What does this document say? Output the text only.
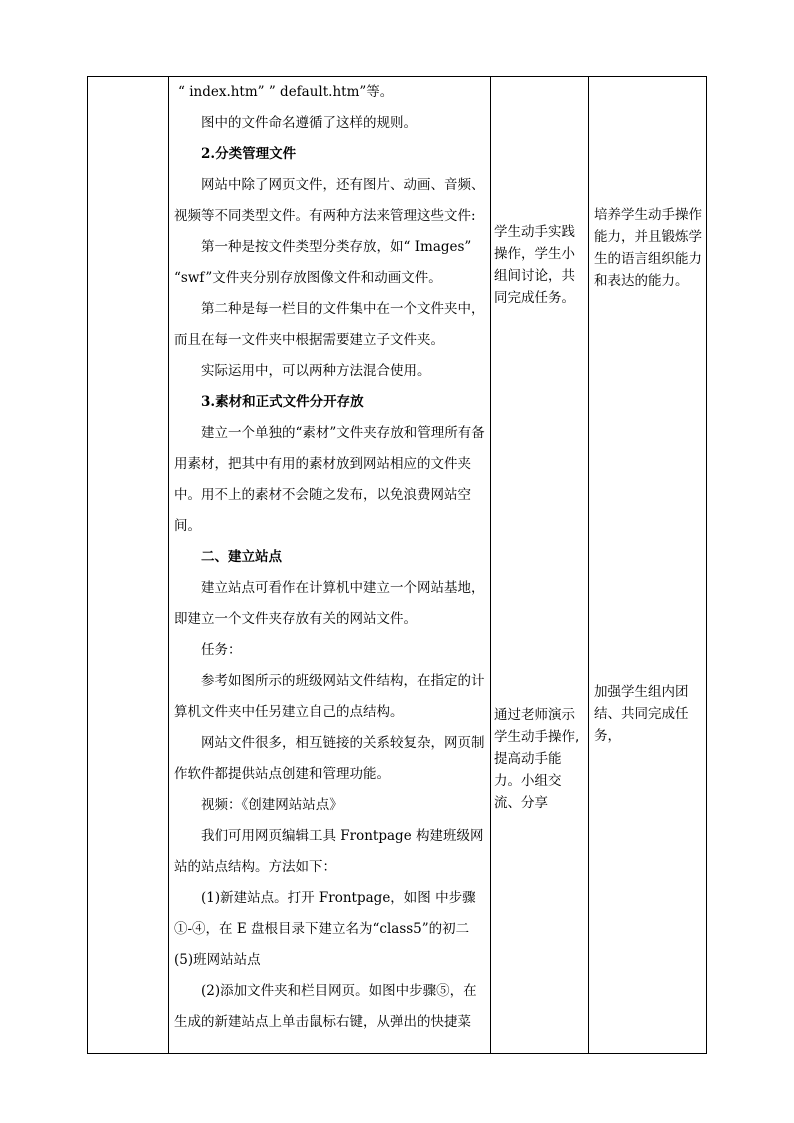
“ index.htm” ” default.htm”等。
图中的文件命名遵循了这样的规则。
2.分类管理文件
网站中除了网页文件，还有图片、动画、音频、视频等不同类型文件。有两种方法来管理这些文件:
第一种是按文件类型分类存放，如“ Images” “swf”文件夹分别存放图像文件和动画文件。
第二种是每一栏目的文件集中在一个文件夹中，而且在每一文件夹中根据需要建立子文件夹。
实际运用中，可以两种方法混合使用。
3.素材和正式文件分开存放
建立一个单独的“素材”文件夹存放和管理所有备用素材，把其中有用的素材放到网站相应的文件夹中。用不上的素材不会随之发布，以免浪费网站空间。
二、建立站点
建立站点可看作在计算机中建立一个网站基地，即建立一个文件夹存放有关的网站文件。
任务：
参考如图所示的班级网站文件结构，在指定的计算机文件夹中任另建立自己的点结构。
网站文件很多，相互链接的关系较复杂，网页制作软件都提供站点创建和管理功能。
视频：《创建网站站点》
我们可用网页编辑工具 Frontpage 构建班级网站的站点结构。方法如下：
(1)新建站点。打开 Frontpage，如图 中步骤①-④，在 E 盘根目录下建立名为“class5”的初二(5)班网站站点
(2)添加文件夹和栏目网页。如图中步骤⑤，在生成的新建站点上单击鼠标右键，从弹出的快捷菜
学生动手实践操作，学生小组间讨论，共同完成任务。
通过老师演示学生动手操作,提高动手能力。小组交流、分享
培养学生动手操作能力，并且锻炼学生的语言组织能力和表达的能力。
加强学生组内团结、共同完成任务，
